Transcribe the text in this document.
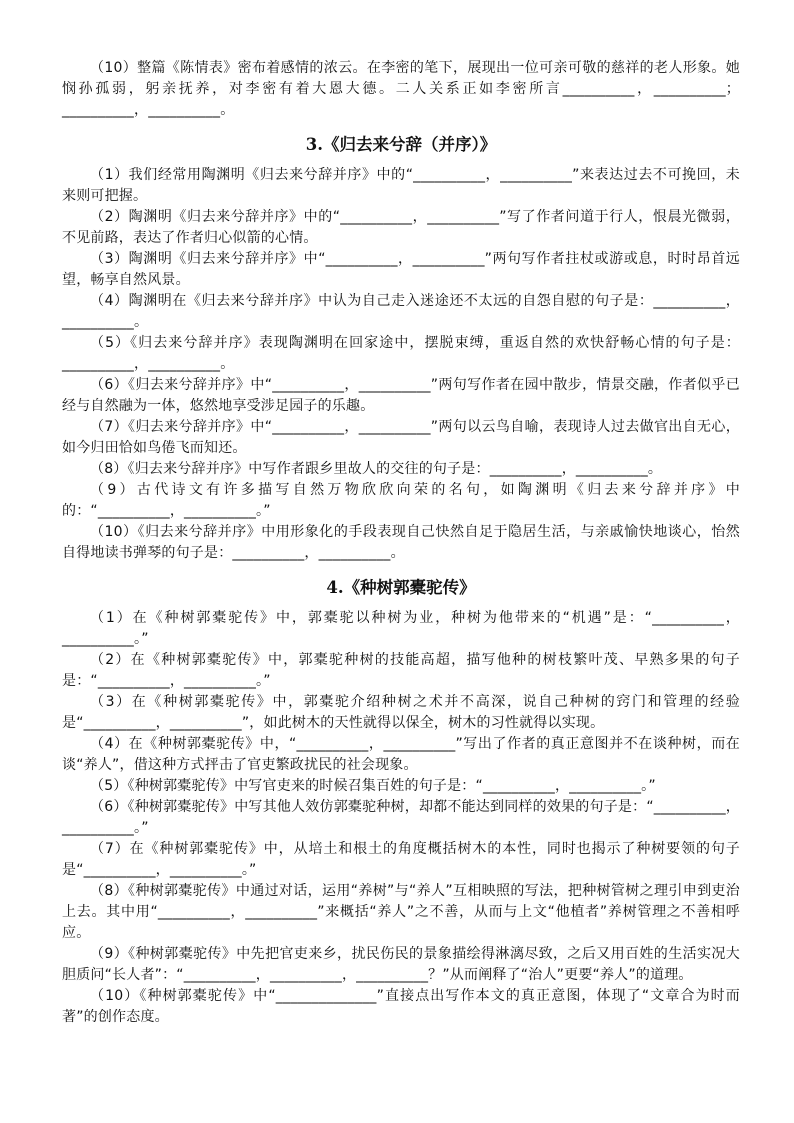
（10）整篇《陈情表》密布着感情的浓云。在李密的笔下，展现出一位可亲可敬的慈祥的老人形象。她悯孙孤弱，躬亲抚养，对李密有着大恩大德。二人关系正如李密所言__________，__________；__________，__________。

3.《归去来兮辞（并序）》

（1）我们经常用陶渊明《归去来兮辞并序》中的“__________，__________”来表达过去不可挽回，未来则可把握。

（2）陶渊明《归去来兮辞并序》中的“__________，__________”写了作者问道于行人，恨晨光微弱，不见前路，表达了作者归心似箭的心情。

（3）陶渊明《归去来兮辞并序》中“__________，__________”两句写作者拄杖或游或息，时时昂首远望，畅享自然风景。

（4）陶渊明在《归去来兮辞并序》中认为自己走入迷途还不太远的自怨自慰的句子是：__________，__________。

（5）《归去来兮辞并序》表现陶渊明在回家途中，摆脱束缚，重返自然的欢快舒畅心情的句子是：__________，__________。

（6）《归去来兮辞并序》中“__________，__________”两句写作者在园中散步，情景交融，作者似乎已经与自然融为一体，悠然地享受涉足园子的乐趣。

（7）《归去来兮辞并序》中“__________，__________”两句以云鸟自喻，表现诗人过去做官出自无心，如今归田恰如鸟倦飞而知还。

（8）《归去来兮辞并序》中写作者跟乡里故人的交往的句子是：__________，__________。

（9）古代诗文有许多描写自然万物欣欣向荣的名句，如陶渊明《归去来兮辞并序》中的：“__________，__________。”

（10）《归去来兮辞并序》中用形象化的手段表现自己快然自足于隐居生活，与亲戚愉快地谈心，怡然自得地读书弹琴的句子是：__________，__________。

4.《种树郭橐驼传》

（1）在《种树郭橐驼传》中，郭橐驼以种树为业，种树为他带来的“机遇”是：“__________，__________。”

（2）在《种树郭橐驼传》中，郭橐驼种树的技能高超，描写他种的树枝繁叶茂、早熟多果的句子是：“__________，__________。”

（3）在《种树郭橐驼传》中，郭橐驼介绍种树之术并不高深，说自己种树的窍门和管理的经验是“__________，__________”，如此树木的天性就得以保全，树木的习性就得以实现。

（4）在《种树郭橐驼传》中，“__________，__________”写出了作者的真正意图并不在谈种树，而在谈“养人”，借这种方式抨击了官吏繁政扰民的社会现象。

（5）《种树郭橐驼传》中写官吏来的时候召集百姓的句子是：“__________，__________。”

（6）《种树郭橐驼传》中写其他人效仿郭橐驼种树，却都不能达到同样的效果的句子是：“__________，__________。”

（7）在《种树郭橐驼传》中，从培土和根土的角度概括树木的本性，同时也揭示了种树要领的句子是“__________，__________。”

（8）《种树郭橐驼传》中通过对话，运用“养树”与“养人”互相映照的写法，把种树管树之理引申到吏治上去。其中用“__________，__________”来概括“养人”之不善，从而与上文“他植者”养树管理之不善相呼应。

（9）《种树郭橐驼传》中先把官吏来乡，扰民伤民的景象描绘得淋漓尽致，之后又用百姓的生活实况大胆质问“长人者”：“__________，__________，__________？”从而阐释了“治人”更要“养人”的道理。

（10）《种树郭橐驼传》中“______________”直接点出写作本文的真正意图，体现了“文章合为时而著”的创作态度。
